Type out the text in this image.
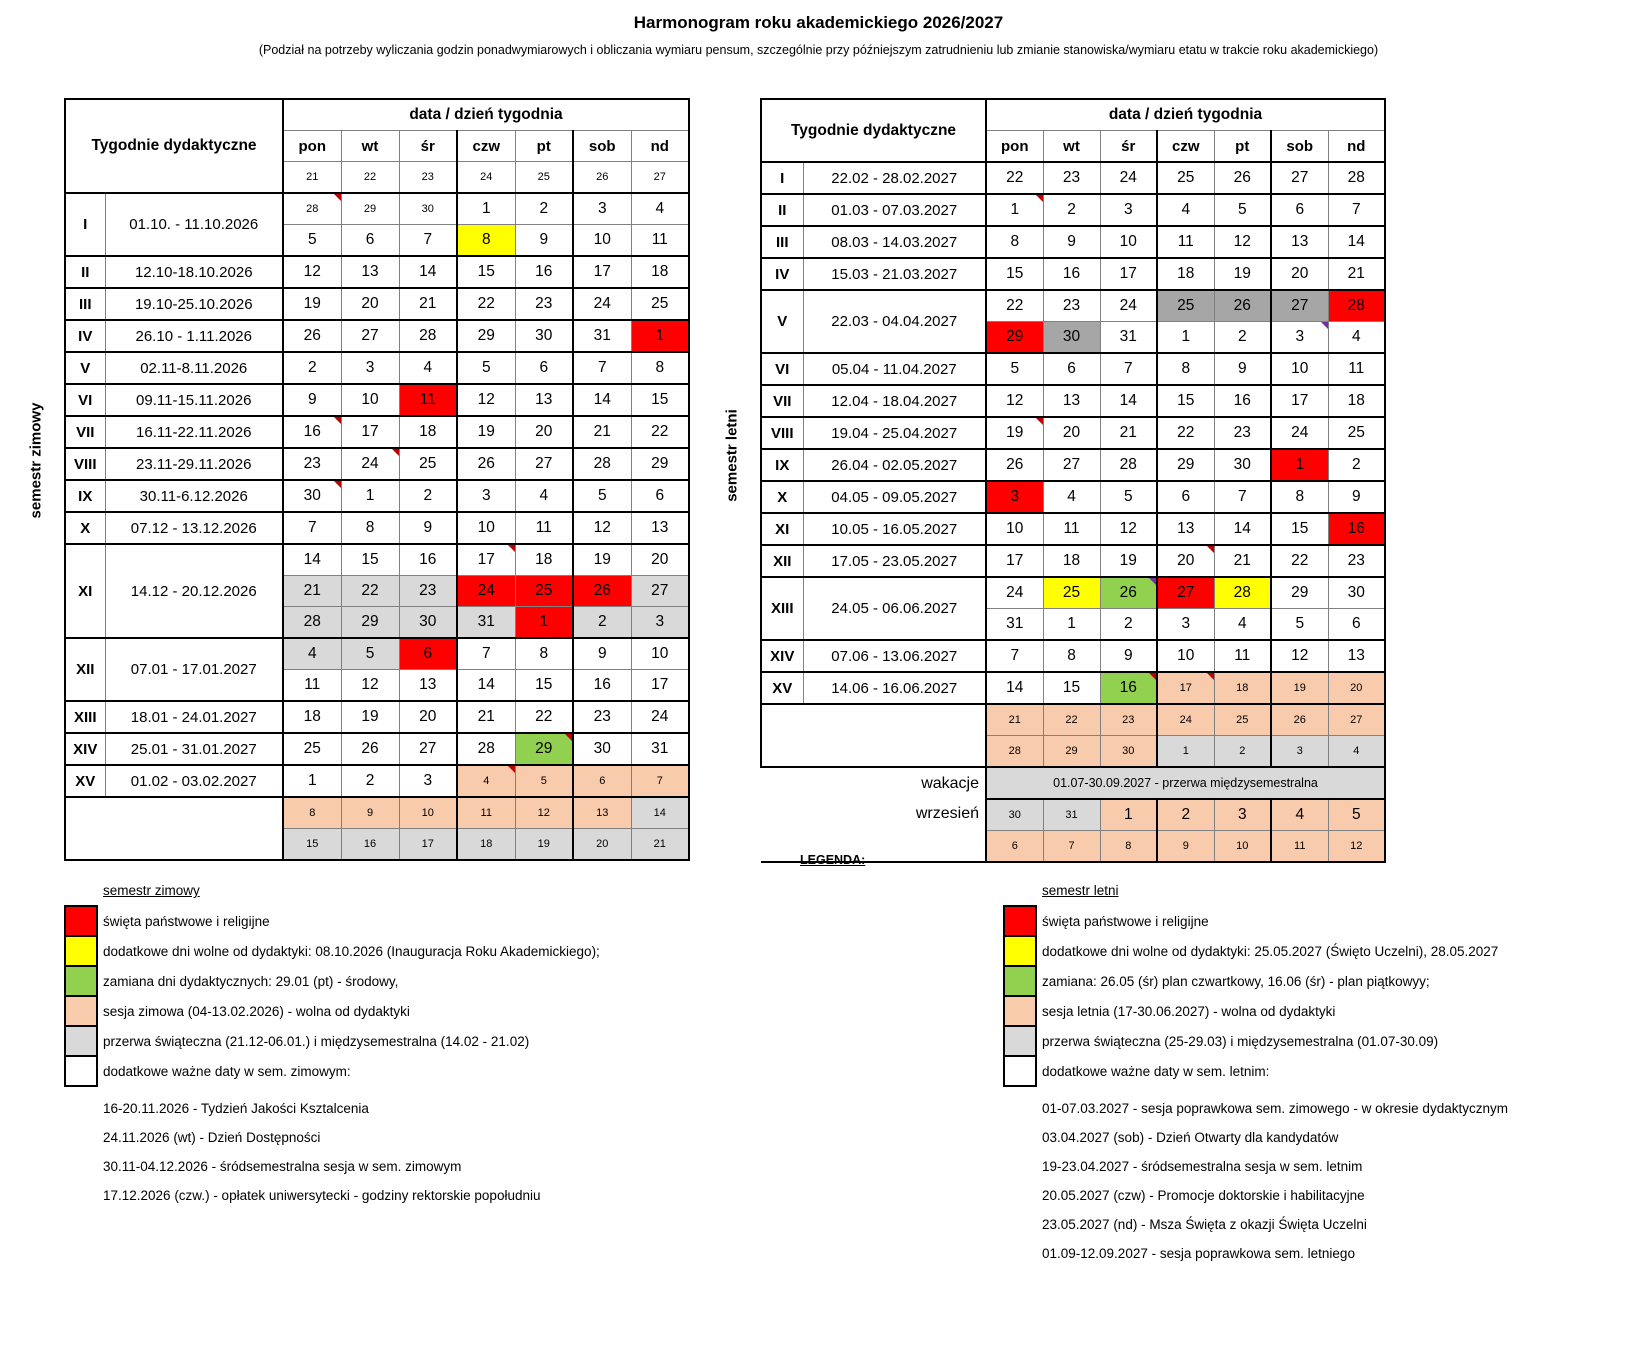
Harmonogram roku akademickiego 2026/2027
(Podział na potrzeby wyliczania godzin ponadwymiarowych i obliczania wymiaru pensum, szczególnie przy późniejszym zatrudnieniu lub zmianie stanowiska/wymiaru etatu w trakcie roku akademickiego)
semestr zimowy	semestr letni
Tygodnie dydaktyczne		data / dzień tygodnia						
		pon	wt	śr	czw	pt	sob	nd
		21	22	23	24	25	26	27
I	01.10. - 11.10.2026	28	29	30	1	2	3	4
		5	6	7	8	9	10	11
II	12.10-18.10.2026	12	13	14	15	16	17	18
III	19.10-25.10.2026	19	20	21	22	23	24	25
IV	26.10 - 1.11.2026	26	27	28	29	30	31	1
V	02.11-8.11.2026	2	3	4	5	6	7	8
VI	09.11-15.11.2026	9	10	11	12	13	14	15
VII	16.11-22.11.2026	16	17	18	19	20	21	22
VIII	23.11-29.11.2026	23	24	25	26	27	28	29
IX	30.11-6.12.2026	30	1	2	3	4	5	6
X	07.12 - 13.12.2026	7	8	9	10	11	12	13
XI	14.12 - 20.12.2026	14	15	16	17	18	19	20
		21	22	23	24	25	26	27
		28	29	30	31	1	2	3
XII	07.01 - 17.01.2027	4	5	6	7	8	9	10
		11	12	13	14	15	16	17
XIII	18.01 - 24.01.2027	18	19	20	21	22	23	24
XIV	25.01 - 31.01.2027	25	26	27	28	29	30	31
XV	01.02 - 03.02.2027	1	2	3	4	5	6	7
		8	9	10	11	12	13	14
		15	16	17	18	19	20	21
Tygodnie dydaktyczne		data / dzień tygodnia						
		pon	wt	śr	czw	pt	sob	nd
I	22.02 - 28.02.2027	22	23	24	25	26	27	28
II	01.03 - 07.03.2027	1	2	3	4	5	6	7
III	08.03 - 14.03.2027	8	9	10	11	12	13	14
IV	15.03 - 21.03.2027	15	16	17	18	19	20	21
V	22.03 - 04.04.2027	22	23	24	25	26	27	28
		29	30	31	1	2	3	4
VI	05.04 - 11.04.2027	5	6	7	8	9	10	11
VII	12.04 - 18.04.2027	12	13	14	15	16	17	18
VIII	19.04 - 25.04.2027	19	20	21	22	23	24	25
IX	26.04 - 02.05.2027	26	27	28	29	30	1	2
X	04.05 - 09.05.2027	3	4	5	6	7	8	9
XI	10.05 - 16.05.2027	10	11	12	13	14	15	16
XII	17.05 - 23.05.2027	17	18	19	20	21	22	23
XIII	24.05 - 06.06.2027	24	25	26	27	28	29	30
		31	1	2	3	4	5	6
XIV	07.06 - 13.06.2027	7	8	9	10	11	12	13
XV	14.06 - 16.06.2027	14	15	16	17	18	19	20
		21	22	23	24	25	26	27
		28	29	30	1	2	3	4
wakacje		01.07-30.09.2027 - przerwa międzysemestralna						
wrzesień		30	31	1	2	3	4	5
		6	7	8	9	10	11	12
LEGENDA:
semestr zimowy
święta państwowe i religijne
dodatkowe dni wolne od dydaktyki: 08.10.2026 (Inauguracja Roku Akademickiego);
zamiana dni dydaktycznych: 29.01 (pt) - środowy,
sesja zimowa (04-13.02.2026) - wolna od dydaktyki
przerwa świąteczna (21.12-06.01.) i międzysemestralna (14.02 - 21.02)
dodatkowe ważne daty w sem. zimowym:
16-20.11.2026 - Tydzień Jakości Ksztalcenia
24.11.2026 (wt) - Dzień Dostępności
30.11-04.12.2026 - śródsemestralna sesja w sem. zimowym
17.12.2026 (czw.) - opłatek uniwersytecki - godziny rektorskie popołudniu
semestr letni
święta państwowe i religijne
dodatkowe dni wolne od dydaktyki: 25.05.2027 (Święto Uczelni), 28.05.2027
zamiana: 26.05 (śr) plan czwartkowy, 16.06 (śr) - plan piątkowyy;
sesja letnia (17-30.06.2027) - wolna od dydaktyki
przerwa świąteczna (25-29.03) i międzysemestralna (01.07-30.09)
dodatkowe ważne daty w sem. letnim:
01-07.03.2027 - sesja poprawkowa sem. zimowego - w okresie dydaktycznym
03.04.2027 (sob) - Dzień Otwarty dla kandydatów
19-23.04.2027 - śródsemestralna sesja w sem. letnim
20.05.2027 (czw) - Promocje doktorskie i habilitacyjne
23.05.2027 (nd) - Msza Święta z okazji Święta Uczelni
01.09-12.09.2027 - sesja poprawkowa sem. letniego
